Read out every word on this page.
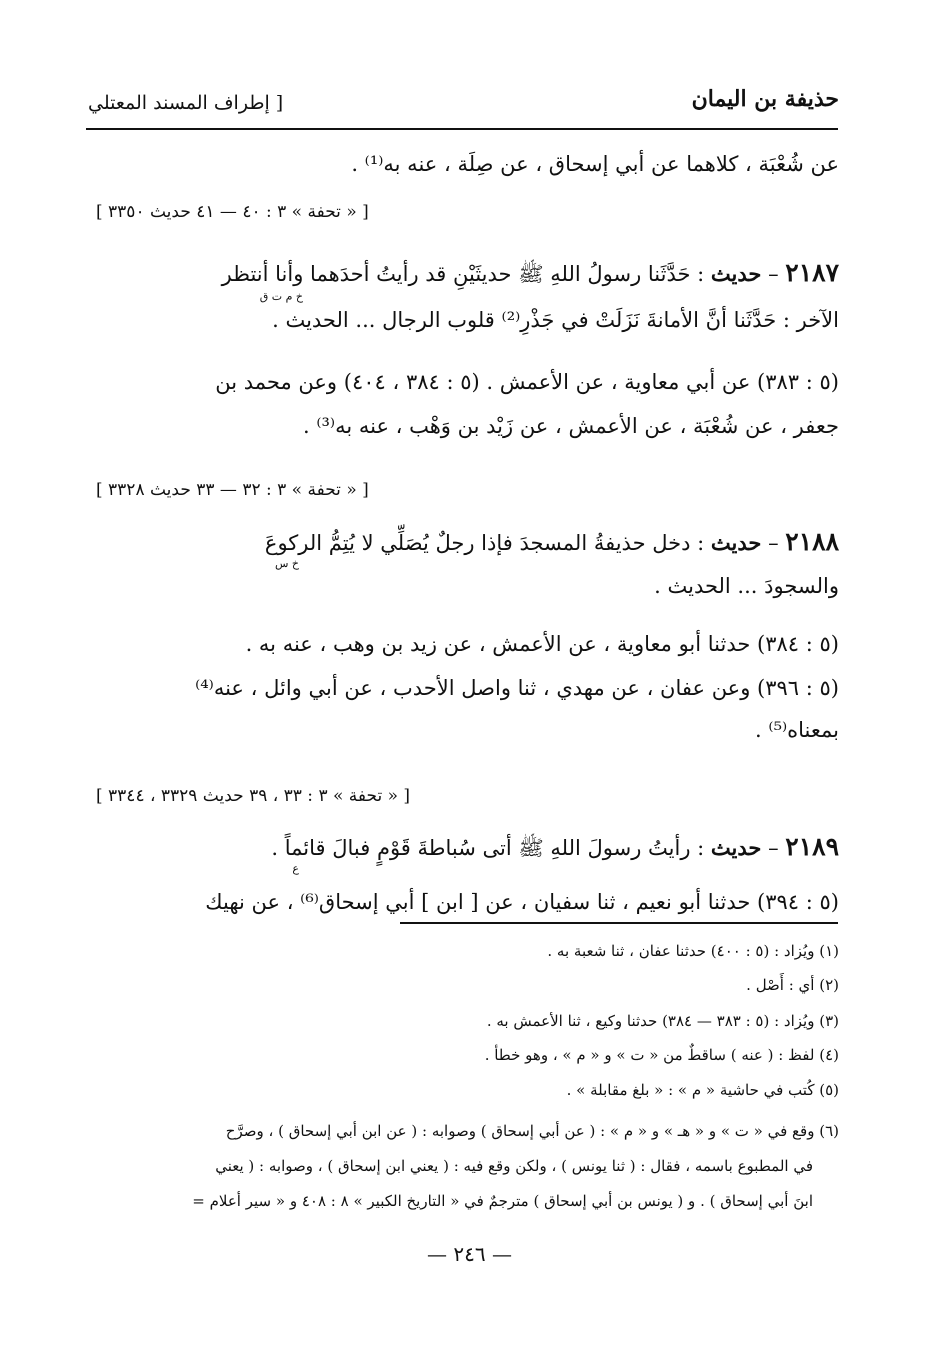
حذيفة بن اليمان
[ إطراف المسند المعتلي
عن شُعْبَة ، كلاهما عن أبي إسحاق ، عن صِلَة ، عنه به⁽¹⁾ .
[ « تحفة » ٣ : ٤٠ — ٤١ حديث ٣٣٥٠ ]
٢١٨٧ – حديث : حَدَّثَنا رسولُ اللهِ ﷺ حديثَيْنِ قد رأيتُ أحدَهما وأنا أنتظر
خ م ت ق
الآخر : حَدَّثَنا أنَّ الأمانةَ نَزَلَتْ في جَذْرِ⁽²⁾ قلوب الرجال ... الحديث .
(٥ : ٣٨٣) عن أبي معاوية ، عن الأعمش . (٥ : ٣٨٤ ، ٤٠٤) وعن محمد بن
جعفر ، عن شُعْبَة ، عن الأعمش ، عن زَيْد بن وَهْب ، عنه به⁽³⁾ .
[ « تحفة » ٣ : ٣٢ — ٣٣ حديث ٣٣٢٨ ]
٢١٨٨ – حديث : دخل حذيفةُ المسجدَ فإذا رجلٌ يُصَلِّي لا يُتِمُّ الركوعَ
خ س
والسجودَ ... الحديث .
(٥ : ٣٨٤) حدثنا أبو معاوية ، عن الأعمش ، عن زيد بن وهب ، عنه به .
(٥ : ٣٩٦) وعن عفان ، عن مهدي ، ثنا واصل الأحدب ، عن أبي وائل ، عنه⁽⁴⁾
بمعناه⁽⁵⁾ .
[ « تحفة » ٣ : ٣٣ ، ٣٩ حديث ٣٣٢٩ ، ٣٣٤٤ ]
٢١٨٩ – حديث : رأيتُ رسولَ اللهِ ﷺ أتى سُباطةَ قَوْمٍ فبالَ قائماً .
ع
(٥ : ٣٩٤) حدثنا أبو نعيم ، ثنا سفيان ، عن [ ابن ] أبي إسحاق⁽⁶⁾ ، عن نهيك
(١) ويُزاد : (٥ : ٤٠٠) حدثنا عفان ، ثنا شعبة به .
(٢) أي : أَصْل .
(٣) ويُزاد : (٥ : ٣٨٣ — ٣٨٤) حدثنا وكيع ، ثنا الأعمش به .
(٤) لفظ : ( عنه ) ساقطٌ من « ت » و « م » ، وهو خطأ .
(٥) كُتب في حاشية « م » : « بلغ مقابلة » .
(٦) وقع في « ت » و « هـ » و « م » : ( عن أبي إسحاق ) وصوابه : ( عن ابن أبي إسحاق ) ، وصرَّح
في المطبوع باسمه ، فقال : ( ثنا يونس ) ، ولكن وقع فيه : ( يعني ابن إسحاق ) ، وصوابه : ( يعني
ابنَ أبي إسحاق ) . و ( يونس بن أبي إسحاق ) مترجمٌ في « التاريخ الكبير » ٨ : ٤٠٨ و « سير أعلام =
— ٢٤٦ —
